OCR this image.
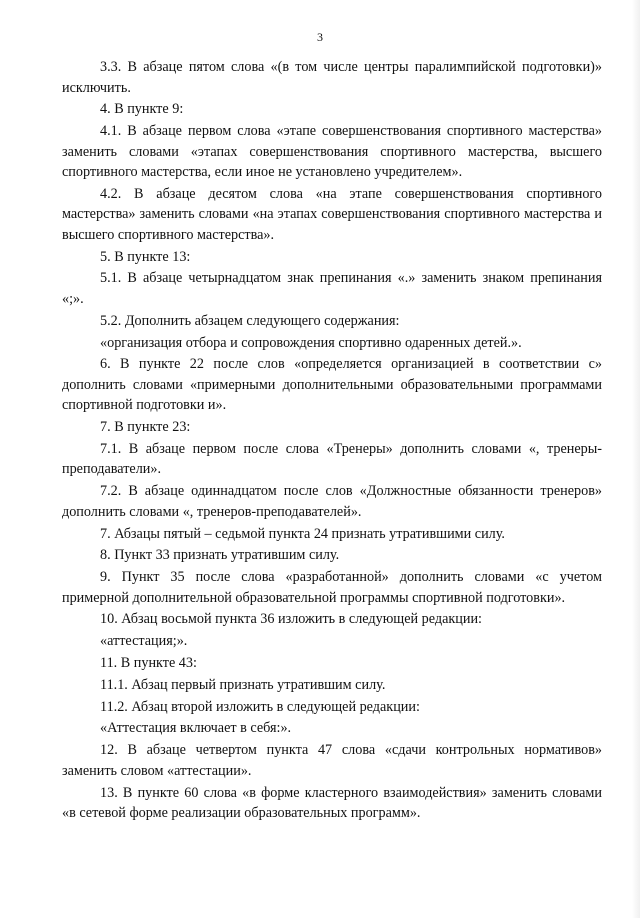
3

3.3. В абзаце пятом слова «(в том числе центры паралимпийской подготовки)» исключить.

4. В пункте 9:

4.1. В абзаце первом слова «этапе совершенствования спортивного мастерства» заменить словами «этапах совершенствования спортивного мастерства, высшего спортивного мастерства, если иное не установлено учредителем».

4.2. В абзаце десятом слова «на этапе совершенствования спортивного мастерства» заменить словами «на этапах совершенствования спортивного мастерства и высшего спортивного мастерства».

5. В пункте 13:

5.1. В абзаце четырнадцатом знак препинания «.» заменить знаком препинания «;».

5.2. Дополнить абзацем следующего содержания:

«организация отбора и сопровождения спортивно одаренных детей.».

6. В пункте 22 после слов «определяется организацией в соответствии с» дополнить словами «примерными дополнительными образовательными программами спортивной подготовки и».

7. В пункте 23:

7.1. В абзаце первом после слова «Тренеры» дополнить словами «, тренеры-преподаватели».

7.2. В абзаце одиннадцатом после слов «Должностные обязанности тренеров» дополнить словами «, тренеров-преподавателей».

7. Абзацы пятый – седьмой пункта 24 признать утратившими силу.

8. Пункт 33 признать утратившим силу.

9. Пункт 35 после слова «разработанной» дополнить словами «с учетом примерной дополнительной образовательной программы спортивной подготовки».

10. Абзац восьмой пункта 36 изложить в следующей редакции:

«аттестация;».

11. В пункте 43:

11.1. Абзац первый признать утратившим силу.

11.2. Абзац второй изложить в следующей редакции:

«Аттестация включает в себя:».

12. В абзаце четвертом пункта 47 слова «сдачи контрольных нормативов» заменить словом «аттестации».

13. В пункте 60 слова «в форме кластерного взаимодействия» заменить словами «в сетевой форме реализации образовательных программ».
